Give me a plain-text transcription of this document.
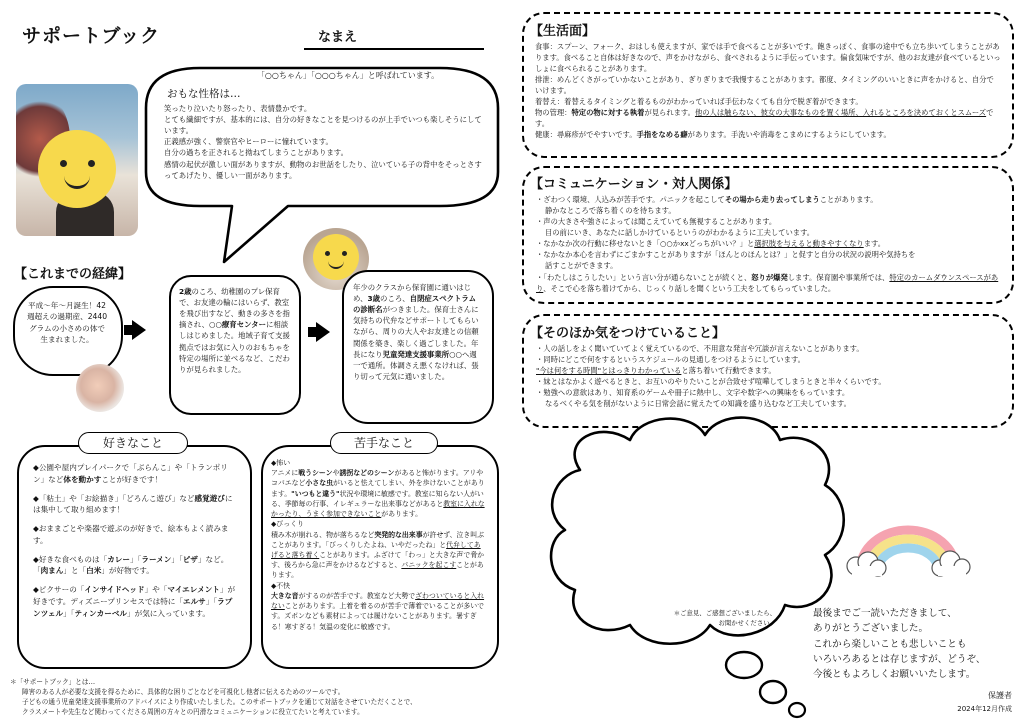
サポートブック	なまえ
「○○ちゃん」「○○○ちゃん」と呼ばれています。
おもな性格は…

笑ったり泣いたり怒ったり、表情豊かです。

とても繊細ですが、基本的には、自分の好きなことを見つけるのが上手でいつも楽しそうにしています。

正義感が強く、警察官やヒーローに憧れています。

自分の過ちを正されると拗ねてしまうことがあります。

感情の起伏が激しい面がありますが、動物のお世話をしたり、泣いている子の背中をそっとさすってあげたり、優しい一面があります。

【これまでの経緯】
平成〜年〜月誕生！42週超えの過期産、2440グラムの小さめの体で生まれました。
2歳のころ、幼稚園のプレ保育で、お友達の輪にはいらず、教室を飛び出すなど、動きの多さを指摘され、○○療育センターに相談しはじめました。地域子育て支援拠点ではお気に入りのおもちゃを特定の場所に並べるなど、こだわりが見られました。
年少のクラスから保育園に通いはじめ、3歳のころ、自閉症スペクトラムの診断名がつきました。保育士さんに気持ちの代弁などサポートしてもらいながら、周りの大人やお友達との信頼関係を築き、楽しく過ごしました。年長になり児童発達支援事業所○○へ週一で通所。体調さえ悪くなければ、張り切って元気に通いました。
好きなこと

◆公園や屋内プレイパークで「ぶらんこ」や「トランポリン」など体を動かすことが好きです！

◆「粘土」や「お絵描き」「どろんこ遊び」など感覚遊びには集中して取り組めます！

◆おままごとや楽器で遊ぶのが好きで、絵本もよく読みます。

◆好きな食べものは「カレー」「ラーメン」「ピザ」など。「肉まん」と「白米」が好物です。

◆ピクサーの「インサイドヘッド」や「マイエレメント」が好きです。ディズニープリンセスでは特に「エルサ」「ラプンツェル」「ティンカーベル」が気に入っています。

苦手なこと

◆怖い

アニメに戦うシーンや誘拐などのシーンがあると怖がります。アリやコバエなど小さな虫がいると怯えてしまい、外を歩けないことがあります。"いつもと違う"状況や環境に敏感です。教室に知らない人がいる、季節毎の行事、イレギュラーな出来事などがあると教室に入れなかったり、うまく参加できないことがあります。

◆びっくり

積み木が崩れる、物が落ちるなど突発的な出来事が許せず、泣き叫ぶことがあります。「びっくりしたよね、いやだったね」と代弁してあげると落ち着くことがあります。ふざけて「わっ」と大きな声で脅かす、後ろから急に声をかけるなどすると、パニックを起こすことがあります。

◆不快

大きな音がするのが苦手です。教室など大勢でざわついていると入れないことがあります。上着を着るのが苦手で薄着でいることが多いです。ズボンなども素材によっては履けないことがあります。暑すぎる！寒すぎる！気温の変化に敏感です。

＊「サポートブック」とは…

障害のある人が必要な支援を得るために、具体的な困りごとなどを可視化し他者に伝えるためのツールです。

子どもの通う児童発達支援事業所のアドバイスにより作成いたしました。このサポートブックを通じて対話をさせていただくことで、

クラスメートや先生など関わってくださる周囲の方々との円滑なコミュニケーションに役立てたいと考えています。

【生活面】

食事：スプーン、フォーク、おはしも使えますが、家では手で食べることが多いです。飽きっぽく、食事の途中でも立ち歩いてしまうことがあります。食べること自体は好きなので、声をかけながら、食べされるように手伝っています。偏食気味ですが、他のお友達が食べているといっしょに食べられることがあります。

排泄：めんどくさがっていかないことがあり、ぎりぎりまで我慢することがあります。都度、タイミングのいいときに声をかけると、自分でいけます。

着替え：着替えるタイミングと着るものがわかっていれば手伝わなくても自分で脱ぎ着ができます。

物の管理：特定の物に対する執着が見られます。他の人は触らない、彼女の大事なものを置く場所、入れるところを決めておくとスムーズです。

健康：尋麻疹がでやすいです。手指をなめる癖があります。手洗いや消毒をこまめにするようにしています。

【コミュニケーション・対人関係】

・ざわつく環境、人込みが苦手です。パニックを起こしてその場から走り去ってしまうことがあります。
静かなところで落ち着くのを待ちます。

・声の大きさや強さによっては聞こえていても無視することがあります。
目の前にいき、あなたに話しかけているというのがわかるように工夫しています。

・なかなか次の行動に移せないとき「○○かxxどっちがいい？」と選択肢を与えると動きやすくなります。

・なかなか本心を言わずにごまかすことがありますが「ほんとのほんとは？」と促すと自分の状況の説明や気持ちを
話すことができます。

・「わたしはこうしたい」という言い分が通らないことが続くと、怒りが爆発します。保育園や事業所では、特定のカームダウンスペースがあり、そこで心を落ち着けてから、じっくり話しを聞くという工夫をしてもらっていました。

【そのほか気をつけていること】

・人の話しをよく聞いていてよく覚えているので、不用意な発言や冗談が言えないことがあります。

・同時にどこで何をするというスケジュールの見通しをつけるようにしています。

"今は何をする時間"とはっきりわかっていると落ち着いて行動できます。

・妹とはなかよく遊べるときと、お互いのやりたいことが合致せず喧嘩してしまうときと半々くらいです。

・勉強への意欲はあり、知育系のゲームや冊子に熱中し、文字や数字への興味をもっています。

なるべくやる気を削がないように日常会話に覚えたての知識を盛り込むなど工夫しています。

＊ご意見、ご感想ございましたら、
お聞かせください。
最後までご一読いただきまして、
ありがとうございました。
これから楽しいことも悲しいことも
いろいろあるとは存じますが、どうぞ、
今後ともよろしくお願いいたします。
保護者
2024年12月作成
